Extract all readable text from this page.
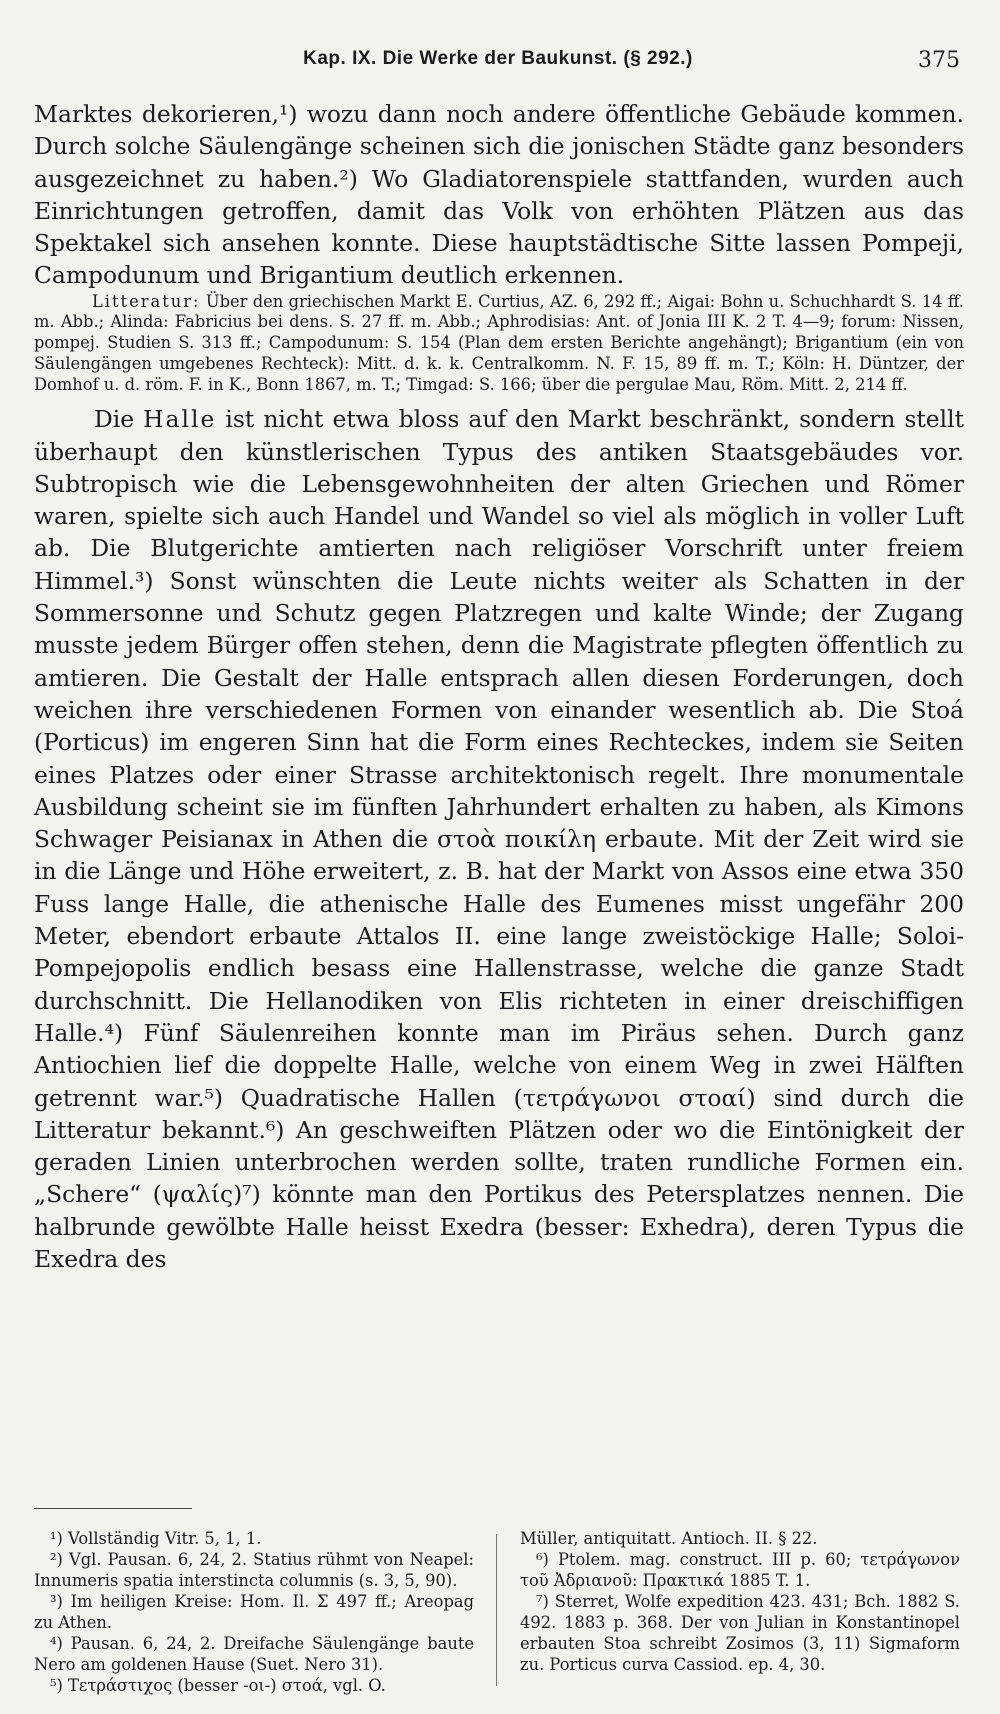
Kap. IX. Die Werke der Baukunst. (§ 292.)	375

Marktes dekorieren,¹) wozu dann noch andere öffentliche Gebäude kommen. Durch solche Säulengänge scheinen sich die jonischen Städte ganz besonders ausgezeichnet zu haben.²) Wo Gladiatorenspiele stattfanden, wurden auch Einrichtungen getroffen, damit das Volk von erhöhten Plätzen aus das Spektakel sich ansehen konnte. Diese hauptstädtische Sitte lassen Pompeji, Campodunum und Brigantium deutlich erkennen.

Litteratur: Über den griechischen Markt E. Curtius, AZ. 6, 292 ff.; Aigai: Bohn u. Schuchhardt S. 14 ff. m. Abb.; Alinda: Fabricius bei dens. S. 27 ff. m. Abb.; Aphrodisias: Ant. of Jonia III K. 2 T. 4—9; forum: Nissen, pompej. Studien S. 313 ff.; Campodunum: S. 154 (Plan dem ersten Berichte angehängt); Brigantium (ein von Säulengängen umgebenes Rechteck): Mitt. d. k. k. Centralkomm. N. F. 15, 89 ff. m. T.; Köln: H. Düntzer, der Domhof u. d. röm. F. in K., Bonn 1867, m. T.; Timgad: S. 166; über die pergulae Mau, Röm. Mitt. 2, 214 ff.

Die Halle ist nicht etwa bloss auf den Markt beschränkt, sondern stellt überhaupt den künstlerischen Typus des antiken Staatsgebäudes vor. Subtropisch wie die Lebensgewohnheiten der alten Griechen und Römer waren, spielte sich auch Handel und Wandel so viel als möglich in voller Luft ab. Die Blutgerichte amtierten nach religiöser Vorschrift unter freiem Himmel.³) Sonst wünschten die Leute nichts weiter als Schatten in der Sommersonne und Schutz gegen Platzregen und kalte Winde; der Zugang musste jedem Bürger offen stehen, denn die Magistrate pflegten öffentlich zu amtieren. Die Gestalt der Halle entsprach allen diesen Forderungen, doch weichen ihre verschiedenen Formen von einander wesentlich ab. Die Stoá (Porticus) im engeren Sinn hat die Form eines Rechteckes, indem sie Seiten eines Platzes oder einer Strasse architektonisch regelt. Ihre monumentale Ausbildung scheint sie im fünften Jahrhundert erhalten zu haben, als Kimons Schwager Peisianax in Athen die στοὰ ποικίλη erbaute. Mit der Zeit wird sie in die Länge und Höhe erweitert, z. B. hat der Markt von Assos eine etwa 350 Fuss lange Halle, die athenische Halle des Eumenes misst ungefähr 200 Meter, ebendort erbaute Attalos II. eine lange zweistöckige Halle; Soloi-Pompejopolis endlich besass eine Hallenstrasse, welche die ganze Stadt durchschnitt. Die Hellanodiken von Elis richteten in einer dreischiffigen Halle.⁴) Fünf Säulenreihen konnte man im Piräus sehen. Durch ganz Antiochien lief die doppelte Halle, welche von einem Weg in zwei Hälften getrennt war.⁵) Quadratische Hallen (τετράγωνοι στοαί) sind durch die Litteratur bekannt.⁶) An geschweiften Plätzen oder wo die Eintönigkeit der geraden Linien unterbrochen werden sollte, traten rundliche Formen ein. „Schere“ (ψαλίς)⁷) könnte man den Portikus des Petersplatzes nennen. Die halbrunde gewölbte Halle heisst Exedra (besser: Exhedra), deren Typus die Exedra des

¹) Vollständig Vitr. 5, 1, 1.

²) Vgl. Pausan. 6, 24, 2. Statius rühmt von Neapel: Innumeris spatia interstincta columnis (s. 3, 5, 90).

³) Im heiligen Kreise: Hom. Il. Σ 497 ff.; Areopag zu Athen.

⁴) Pausan. 6, 24, 2. Dreifache Säulengänge baute Nero am goldenen Hause (Suet. Nero 31).

⁵) Τετράστιχος (besser -οι-) στοά, vgl. O.

Müller, antiquitatt. Antioch. II. § 22.

⁶) Ptolem. mag. construct. III p. 60; τετράγωνον τοῦ Ἀδριανοῦ: Πρακτικά 1885 T. 1.

⁷) Sterret, Wolfe expedition 423. 431; Bch. 1882 S. 492. 1883 p. 368. Der von Julian in Konstantinopel erbauten Stoa schreibt Zosimos (3, 11) Sigmaform zu. Porticus curva Cassiod. ep. 4, 30.
